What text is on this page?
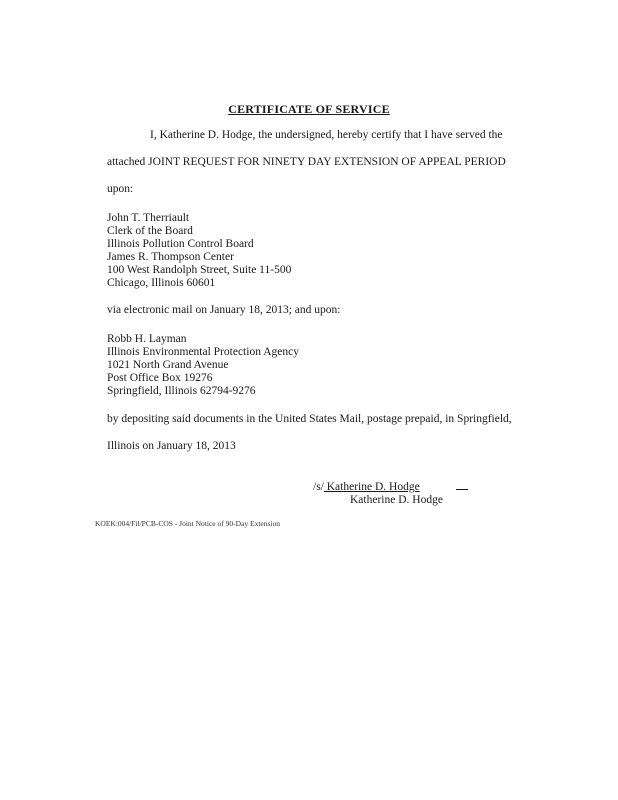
CERTIFICATE OF SERVICE
I, Katherine D. Hodge, the undersigned, hereby certify that I have served the
attached JOINT REQUEST FOR NINETY DAY EXTENSION OF APPEAL PERIOD
upon:
John T. Therriault
Clerk of the Board
Illinois Pollution Control Board
James R. Thompson Center
100 West Randolph Street, Suite 11-500
Chicago, Illinois 60601
via electronic mail on January 18, 2013; and upon:
Robb H. Layman
Illinois Environmental Protection Agency
1021 North Grand Avenue
Post Office Box 19276
Springfield, Illinois 62794-9276
by depositing said documents in the United States Mail, postage prepaid, in Springfield,
Illinois on January 18, 2013
/s/ Katherine D. Hodge
Katherine D. Hodge
KOEK:004/Fil/PCB-COS - Joint Notice of 90-Day Extension
